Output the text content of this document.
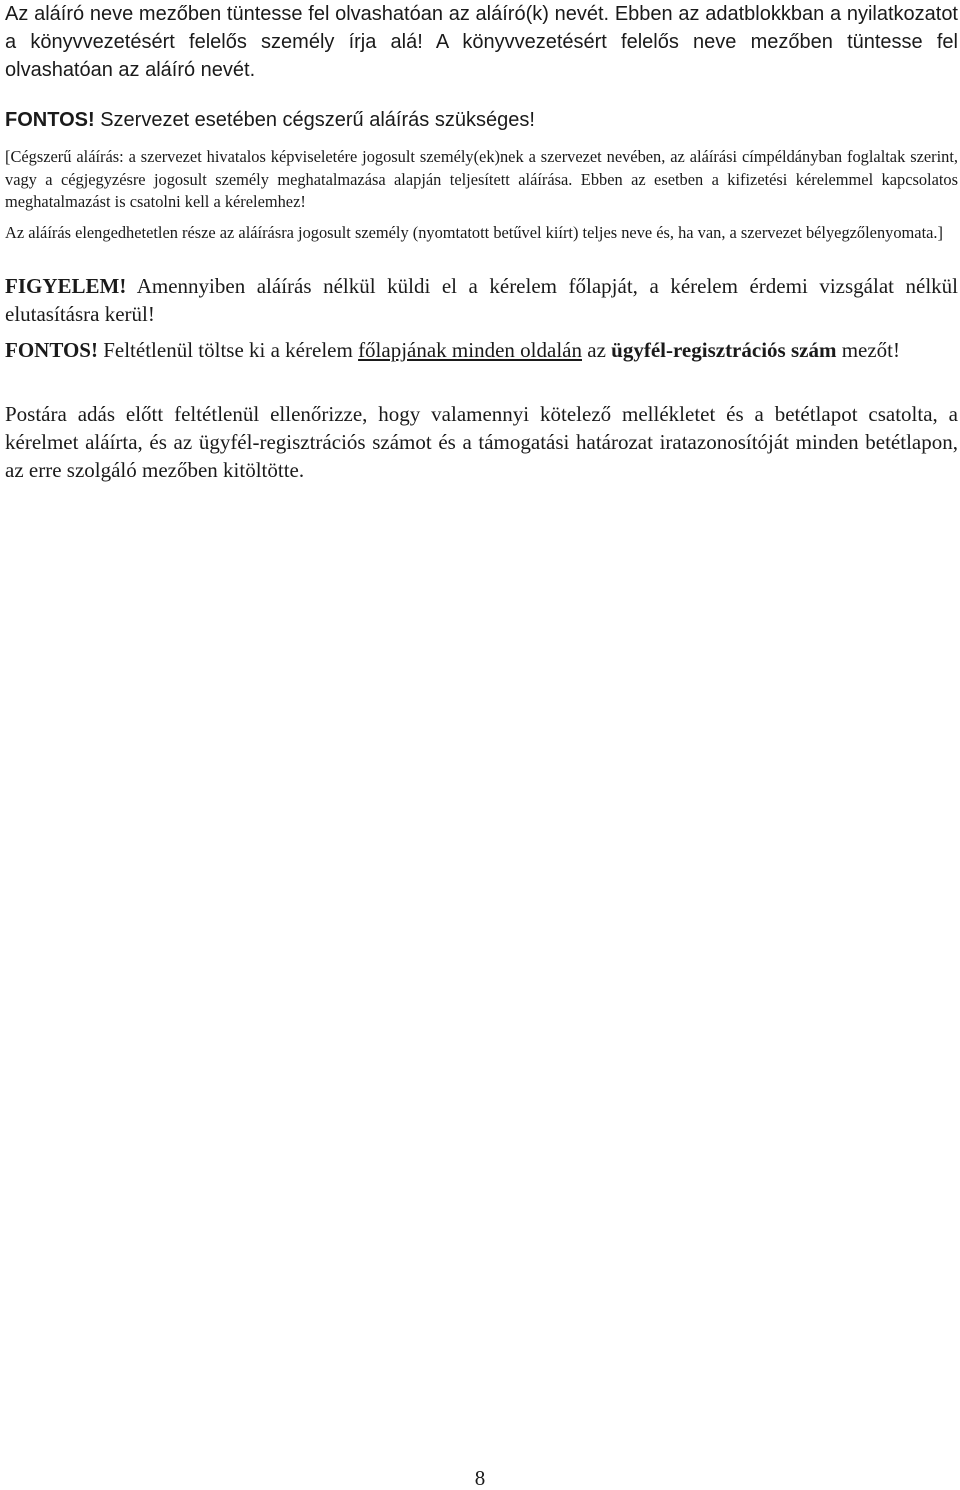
Az aláíró neve mezőben tüntesse fel olvashatóan az aláíró(k) nevét. Ebben az adatblokkban a nyilatkozatot a könyvvezetésért felelős személy írja alá! A könyvvezetésért felelős neve mezőben tüntesse fel olvashatóan az aláíró nevét.

FONTOS! Szervezet esetében cégszerű aláírás szükséges!

[Cégszerű aláírás: a szervezet hivatalos képviseletére jogosult személy(ek)nek a szervezet nevében, az aláírási címpéldányban foglaltak szerint, vagy a cégjegyzésre jogosult személy meghatalmazása alapján teljesített aláírása. Ebben az esetben a kifizetési kérelemmel kapcsolatos meghatalmazást is csatolni kell a kérelemhez!

Az aláírás elengedhetetlen része az aláírásra jogosult személy (nyomtatott betűvel kiírt) teljes neve és, ha van, a szervezet bélyegzőlenyomata.]

FIGYELEM! Amennyiben aláírás nélkül küldi el a kérelem főlapját, a kérelem érdemi vizsgálat nélkül elutasításra kerül!

FONTOS! Feltétlenül töltse ki a kérelem főlapjának minden oldalán az ügyfél-regisztrációs szám mezőt!

Postára adás előtt feltétlenül ellenőrizze, hogy valamennyi kötelező mellékletet és a betétlapot csatolta, a kérelmet aláírta, és az ügyfél-regisztrációs számot és a támogatási határozat iratazonosítóját minden betétlapon, az erre szolgáló mezőben kitöltötte.

8
